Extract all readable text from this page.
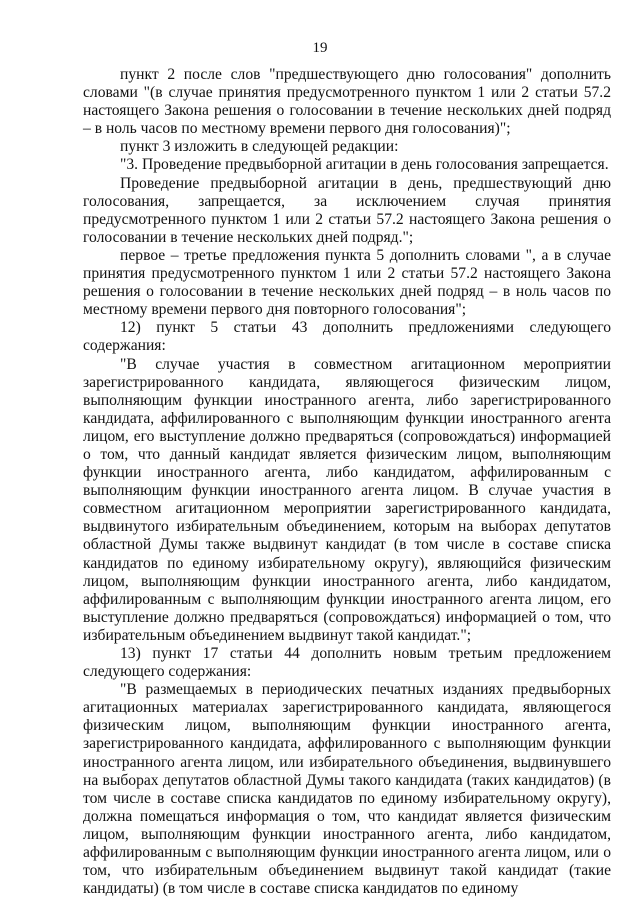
19

пункт 2 после слов "предшествующего дню голосования" дополнить словами "(в случае принятия предусмотренного пунктом 1 или 2 статьи 57.2 настоящего Закона решения о голосовании в течение нескольких дней подряд – в ноль часов по местному времени первого дня голосования)";

пункт 3 изложить в следующей редакции:

"3. Проведение предвыборной агитации в день голосования запрещается.

Проведение предвыборной агитации в день, предшествующий дню голосования, запрещается, за исключением случая принятия предусмотренного пунктом 1 или 2 статьи 57.2 настоящего Закона решения о голосовании в течение нескольких дней подряд.";

первое – третье предложения пункта 5 дополнить словами ", а в случае принятия предусмотренного пунктом 1 или 2 статьи 57.2 настоящего Закона решения о голосовании в течение нескольких дней подряд – в ноль часов по местному времени первого дня повторного голосования";

12) пункт 5 статьи 43 дополнить предложениями следующего содержания:

"В случае участия в совместном агитационном мероприятии зарегистрированного кандидата, являющегося физическим лицом, выполняющим функции иностранного агента, либо зарегистрированного кандидата, аффилированного с выполняющим функции иностранного агента лицом, его выступление должно предваряться (сопровождаться) информацией о том, что данный кандидат является физическим лицом, выполняющим функции иностранного агента, либо кандидатом, аффилированным с выполняющим функции иностранного агента лицом. В случае участия в совместном агитационном мероприятии зарегистрированного кандидата, выдвинутого избирательным объединением, которым на выборах депутатов областной Думы также выдвинут кандидат (в том числе в составе списка кандидатов по единому избирательному округу), являющийся физическим лицом, выполняющим функции иностранного агента, либо кандидатом, аффилированным с выполняющим функции иностранного агента лицом, его выступление должно предваряться (сопровождаться) информацией о том, что избирательным объединением выдвинут такой кандидат.";

13) пункт 17 статьи 44 дополнить новым третьим предложением следующего содержания:

"В размещаемых в периодических печатных изданиях предвыборных агитационных материалах зарегистрированного кандидата, являющегося физическим лицом, выполняющим функции иностранного агента, зарегистрированного кандидата, аффилированного с выполняющим функции иностранного агента лицом, или избирательного объединения, выдвинувшего на выборах депутатов областной Думы такого кандидата (таких кандидатов) (в том числе в составе списка кандидатов по единому избирательному округу), должна помещаться информация о том, что кандидат является физическим лицом, выполняющим функции иностранного агента, либо кандидатом, аффилированным с выполняющим функции иностранного агента лицом, или о том, что избирательным объединением выдвинут такой кандидат (такие кандидаты) (в том числе в составе списка кандидатов по единому
